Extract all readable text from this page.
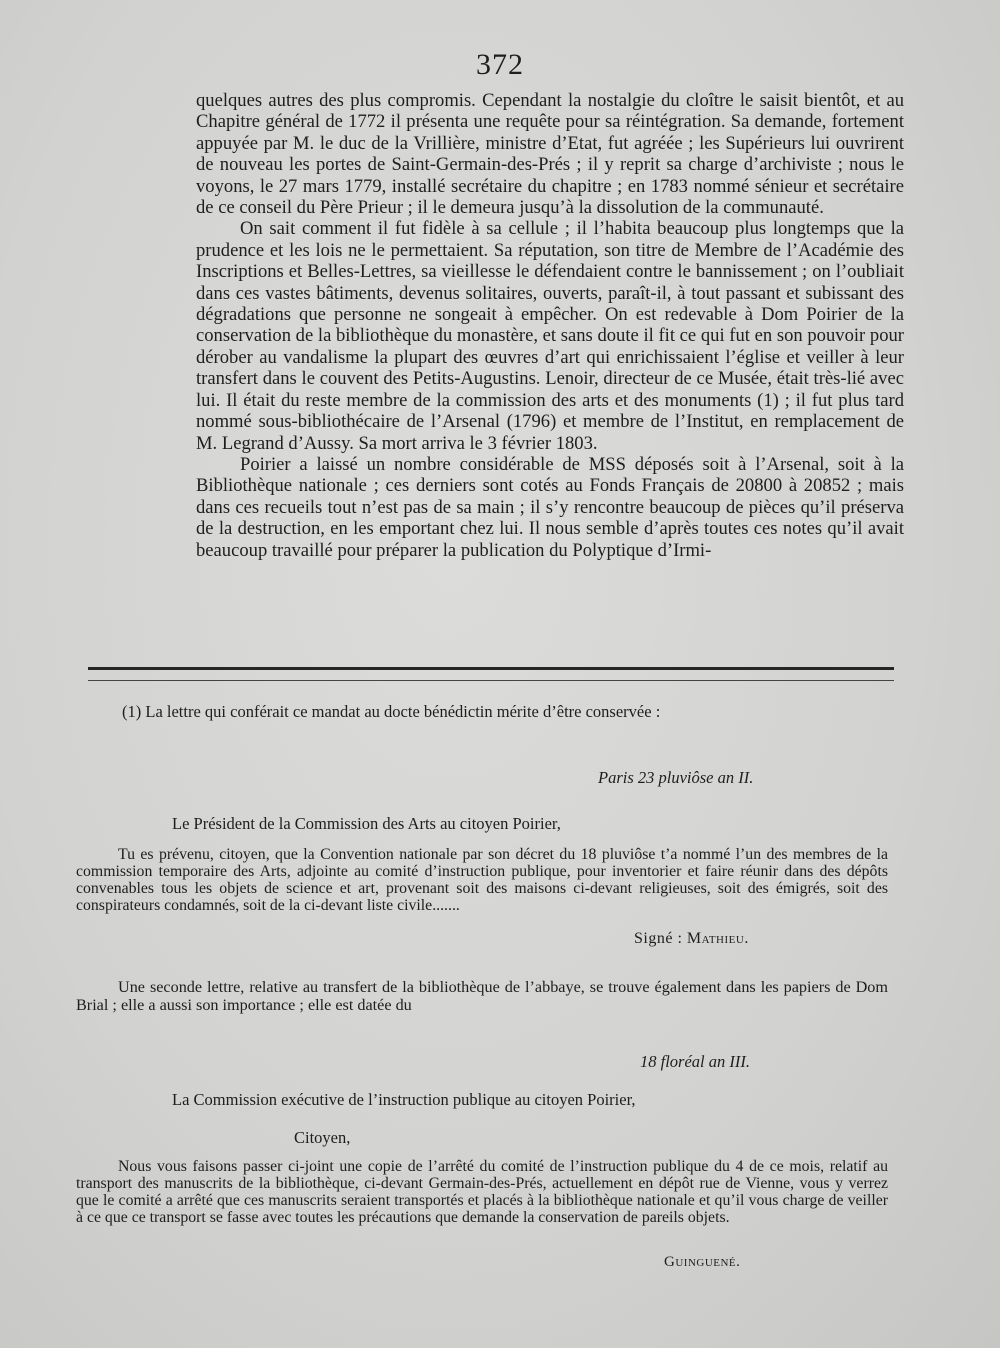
372

quelques autres des plus compromis. Cependant la nostalgie du cloître le saisit bientôt, et au Chapitre général de 1772 il présenta une requête pour sa réintégration. Sa demande, fortement appuyée par M. le duc de la Vrillière, ministre d’Etat, fut agréée ; les Supérieurs lui ouvrirent de nouveau les portes de Saint-Germain-des-Prés ; il y reprit sa charge d’archiviste ; nous le voyons, le 27 mars 1779, installé secrétaire du chapitre ; en 1783 nommé sénieur et secrétaire de ce conseil du Père Prieur ; il le demeura jusqu’à la dissolution de la communauté.

On sait comment il fut fidèle à sa cellule ; il l’habita beaucoup plus longtemps que la prudence et les lois ne le permettaient. Sa réputation, son titre de Membre de l’Académie des Inscriptions et Belles-Lettres, sa vieillesse le défendaient contre le bannissement ; on l’oubliait dans ces vastes bâtiments, devenus solitaires, ouverts, paraît-il, à tout passant et subissant des dégradations que personne ne songeait à empêcher. On est redevable à Dom Poirier de la conservation de la bibliothèque du monastère, et sans doute il fit ce qui fut en son pouvoir pour dérober au vandalisme la plupart des œuvres d’art qui enrichissaient l’église et veiller à leur transfert dans le couvent des Petits-Augustins. Lenoir, directeur de ce Musée, était très-lié avec lui. Il était du reste membre de la commission des arts et des monuments (1) ; il fut plus tard nommé sous-bibliothécaire de l’Arsenal (1796) et membre de l’Institut, en remplacement de M. Legrand d’Aussy. Sa mort arriva le 3 février 1803.

Poirier a laissé un nombre considérable de MSS déposés soit à l’Arsenal, soit à la Bibliothèque nationale ; ces derniers sont cotés au Fonds Français de 20800 à 20852 ; mais dans ces recueils tout n’est pas de sa main ; il s’y rencontre beaucoup de pièces qu’il préserva de la destruction, en les emportant chez lui. Il nous semble d’après toutes ces notes qu’il avait beaucoup travaillé pour préparer la publication du Polyptique d’Irmi-

(1) La lettre qui conférait ce mandat au docte bénédictin mérite d’être conservée :

Paris 23 pluviôse an II.
Le Président de la Commission des Arts au citoyen Poirier,

Tu es prévenu, citoyen, que la Convention nationale par son décret du 18 pluviôse t’a nommé l’un des membres de la commission temporaire des Arts, adjointe au comité d’instruction publique, pour inventorier et faire réunir dans des dépôts convenables tous les objets de science et art, provenant soit des maisons ci-devant religieuses, soit des émigrés, soit des conspirateurs condamnés, soit de la ci-devant liste civile.......

Signé : Mathieu.

Une seconde lettre, relative au transfert de la bibliothèque de l’abbaye, se trouve également dans les papiers de Dom Brial ; elle a aussi son importance ; elle est datée du

18 floréal an III.
La Commission exécutive de l’instruction publique au citoyen Poirier,
Citoyen,

Nous vous faisons passer ci-joint une copie de l’arrêté du comité de l’instruction publique du 4 de ce mois, relatif au transport des manuscrits de la bibliothèque, ci-devant Germain-des-Prés, actuellement en dépôt rue de Vienne, vous y verrez que le comité a arrêté que ces manuscrits seraient transportés et placés à la bibliothèque nationale et qu’il vous charge de veiller à ce que ce transport se fasse avec toutes les précautions que demande la conservation de pareils objets.

Guinguené.
